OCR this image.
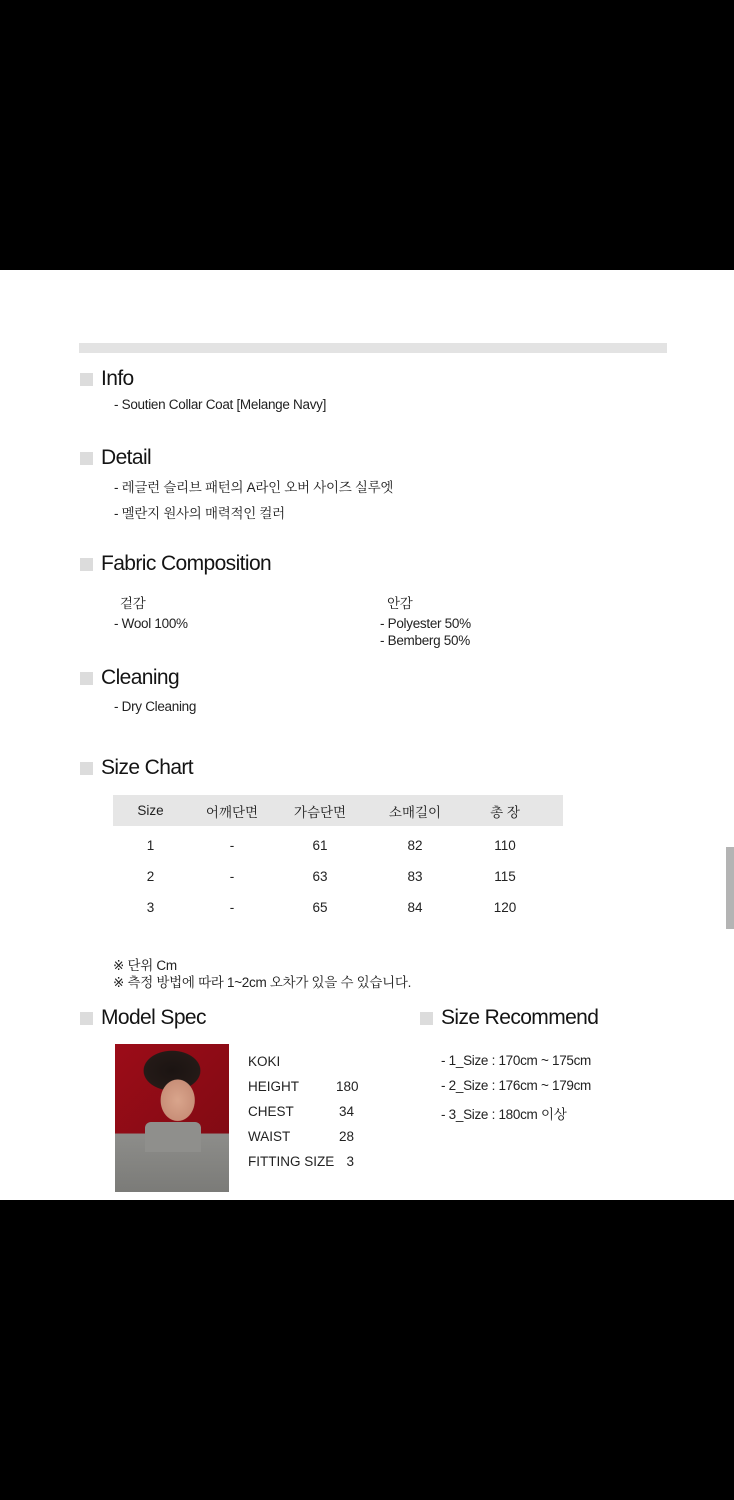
Info
- Soutien Collar Coat [Melange Navy]
Detail
- 레글런 슬리브 패턴의 A라인 오버 사이즈 실루엣
- 멜란지 원사의 매력적인 컬러
Fabric Composition
겉감
- Wool 100%
안감
- Polyester 50%
- Bemberg 50%
Cleaning
- Dry Cleaning
Size Chart
Size	어깨단면	가슴단면	소매길이	총 장
1	-	61	82	110
2	-	63	83	115
3	-	65	84	120
※ 단위 Cm
※ 측정 방법에 따라 1~2cm 오차가 있을 수 있습니다.
Model Spec
KOKI
HEIGHT	180
CHEST	34
WAIST	28
FITTING SIZE 3
Size Recommend
- 1_Size : 170cm ~ 175cm
- 2_Size : 176cm ~ 179cm
- 3_Size : 180cm 이상
